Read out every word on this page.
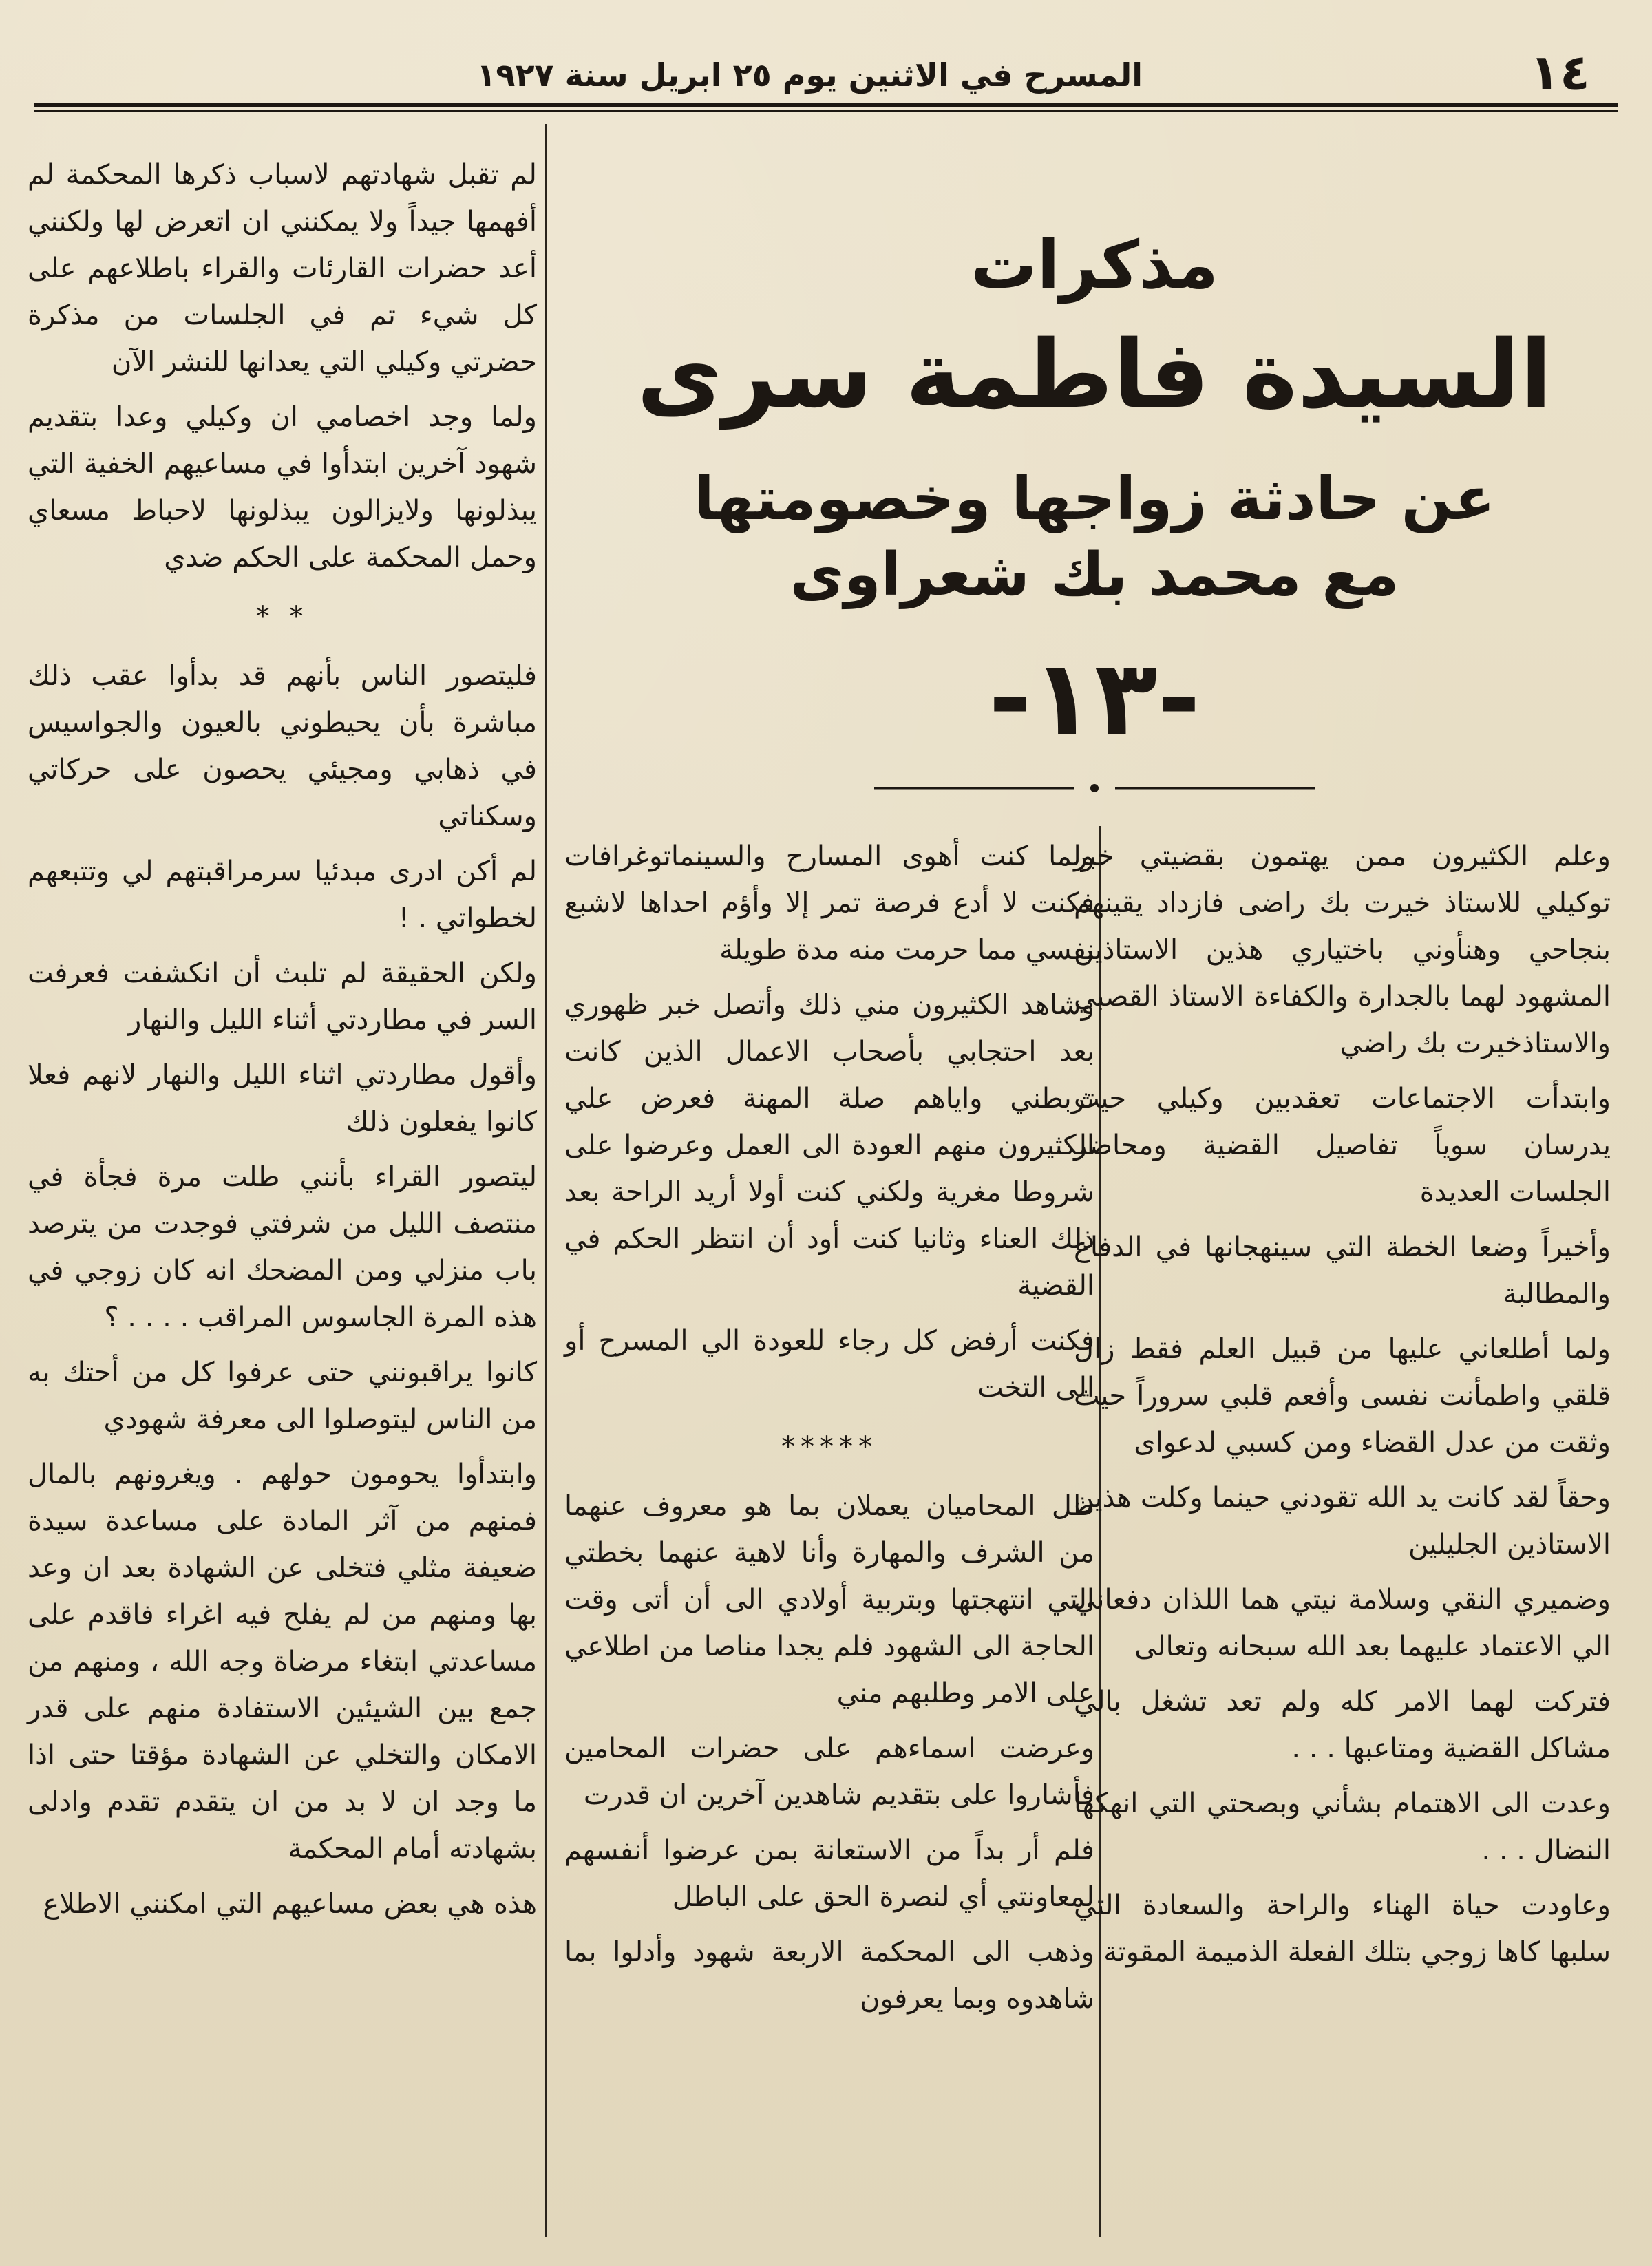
١٤
المسرح في الاثنين يوم ٢٥ ابريل سنة ١٩٢٧
مذكرات
السيدة فاطمة سرى
عن حادثة زواجها وخصومتها
مع محمد بك شعراوى
-١٣-

وعلم الكثيرون ممن يهتمون بقضيتي خبر توكيلي للاستاذ خيرت بك راضى فازداد يقينهم بنجاحي وهنأوني باختياري هذين الاستاذين المشهود لهما بالجدارة والكفاءة الاستاذ القصبي والاستاذخيرت بك راضي

وابتدأت الاجتماعات تعقدبين وكيلي حيث يدرسان سوياً تفاصيل القضية ومحاضر الجلسات العديدة

وأخيراً وضعا الخطة التي سينهجانها في الدفاع والمطالبة

ولما أطلعاني عليها من قبيل العلم فقط زال قلقي واطمأنت نفسى وأفعم قلبي سروراً حيث وثقت من عدل القضاء ومن كسبي لدعواى

وحقاً لقد كانت يد الله تقودني حينما وكلت هذين الاستاذين الجليلين

وضميري النقي وسلامة نيتي هما اللذان دفعاني الي الاعتماد عليهما بعد الله سبحانه وتعالى

فتركت لهما الامر كله ولم تعد تشغل بالي مشاكل القضية ومتاعبها . . .

وعدت الى الاهتمام بشأني وبصحتي التي انهكها النضال . . .

وعاودت حياة الهناء والراحة والسعادة التي سلبها كاها زوجي بتلك الفعلة الذميمة المقوتة

ولما كنت أهوى المسارح والسينماتوغرافات فكنت لا أدع فرصة تمر إلا وأؤم احداها لاشبع نفسي مما حرمت منه مدة طويلة

وشاهد الكثيرون مني ذلك وأتصل خبر ظهوري بعد احتجابي بأصحاب الاعمال الذين كانت تربطني واياهم صلة المهنة فعرض علي الكثيرون منهم العودة الى العمل وعرضوا على شروطا مغرية ولكني كنت أولا أريد الراحة بعد ذلك العناء وثانيا كنت أود أن انتظر الحكم في القضية

فكنت أرفض كل رجاء للعودة الي المسرح أو الى التخت

*****

ظل المحاميان يعملان بما هو معروف عنهما من الشرف والمهارة وأنا لاهية عنهما بخطتي التي انتهجتها وبتربية أولادي الى أن أتى وقت الحاجة الى الشهود فلم يجدا مناصا من اطلاعي على الامر وطلبهم مني

وعرضت اسماءهم على حضرات المحامين فأشاروا على بتقديم شاهدين آخرين ان قدرت

فلم أر بداً من الاستعانة بمن عرضوا أنفسهم لمعاونتي أي لنصرة الحق على الباطل

وذهب الى المحكمة الاربعة شهود وأدلوا بما شاهدوه وبما يعرفون

لم تقبل شهادتهم لاسباب ذكرها المحكمة لم أفهمها جيداً ولا يمكنني ان اتعرض لها ولكنني أعد حضرات القارئات والقراء باطلاعهم على كل شيء تم في الجلسات من مذكرة حضرتي وكيلي التي يعدانها للنشر الآن

ولما وجد اخصامي ان وكيلي وعدا بتقديم شهود آخرين ابتدأوا في مساعيهم الخفية التي يبذلونها ولايزالون يبذلونها لاحباط مسعاي وحمل المحكمة على الحكم ضدي

* *

فليتصور الناس بأنهم قد بدأوا عقب ذلك مباشرة بأن يحيطوني بالعيون والجواسيس في ذهابي ومجيئي يحصون على حركاتي وسكناتي

لم أكن ادرى مبدئيا سرمراقبتهم لي وتتبعهم لخطواتي . !

ولكن الحقيقة لم تلبث أن انكشفت فعرفت السر في مطاردتي أثناء الليل والنهار

وأقول مطاردتي اثناء الليل والنهار لانهم فعلا كانوا يفعلون ذلك

ليتصور القراء بأنني طلت مرة فجأة في منتصف الليل من شرفتي فوجدت من يترصد باب منزلي ومن المضحك انه كان زوجي في هذه المرة الجاسوس المراقب . . . . ؟

كانوا يراقبونني حتى عرفوا كل من أحتك به من الناس ليتوصلوا الى معرفة شهودي

وابتدأوا يحومون حولهم . ويغرونهم بالمال فمنهم من آثر المادة على مساعدة سيدة ضعيفة مثلي فتخلى عن الشهادة بعد ان وعد بها ومنهم من لم يفلح فيه اغراء فاقدم على مساعدتي ابتغاء مرضاة وجه الله ، ومنهم من جمع بين الشيئين الاستفادة منهم على قدر الامكان والتخلي عن الشهادة مؤقتا حتى اذا ما وجد ان لا بد من ان يتقدم تقدم وادلى بشهادته أمام المحكمة

هذه هي بعض مساعيهم التي امكنني الاطلاع
